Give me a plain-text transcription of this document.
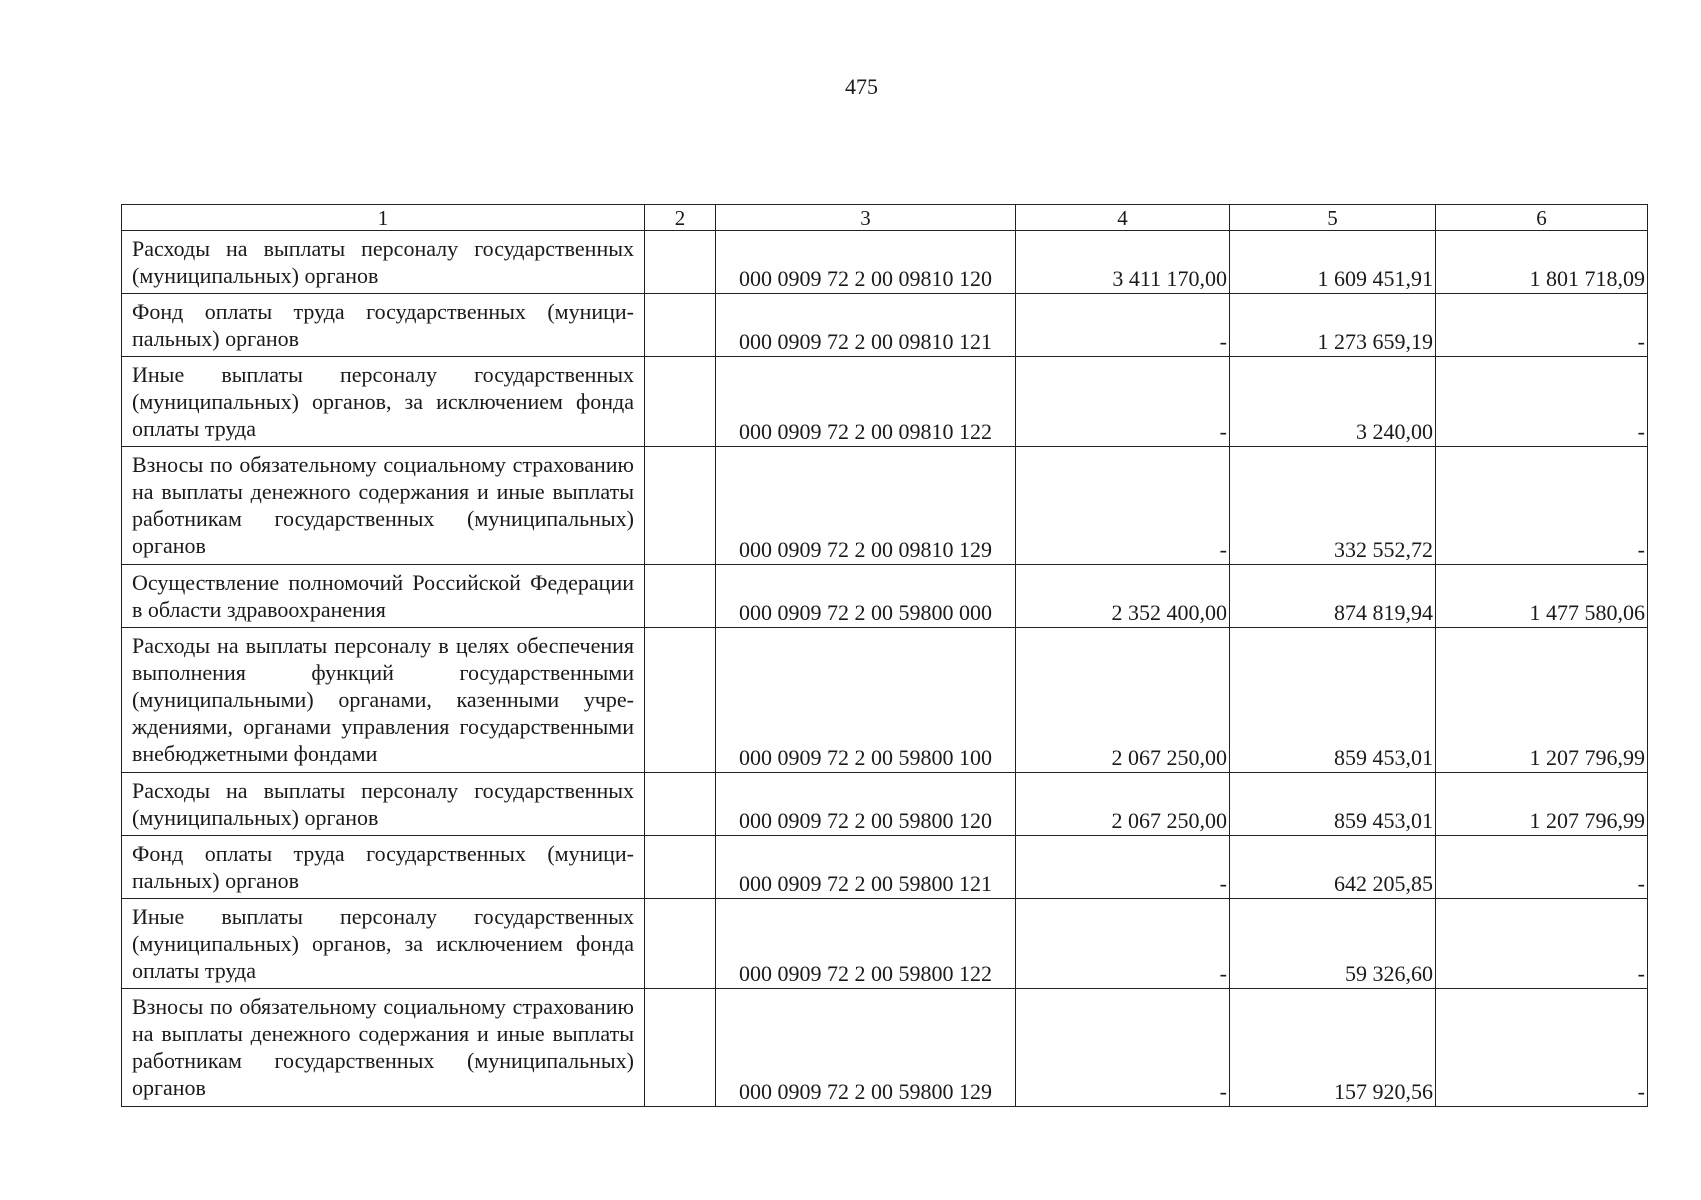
475
1	2	3	4	5	6
Расходы на выплаты персоналу государственных (муниципальных) органов		000 0909 72 2 00 09810 120	3 411 170,00	1 609 451,91	1 801 718,09
Фонд оплаты труда государственных (муниципальных) органов		000 0909 72 2 00 09810 121	-	1 273 659,19	-
Иные выплаты персоналу государственных (муниципальных) органов, за исключением фонда оплаты труда		000 0909 72 2 00 09810 122	-	3 240,00	-
Взносы по обязательному социальному страхованию на выплаты денежного содержания и иные выплаты работникам государственных (муниципальных) органов		000 0909 72 2 00 09810 129	-	332 552,72	-
Осуществление полномочий Российской Федерации в области здравоохранения		000 0909 72 2 00 59800 000	2 352 400,00	874 819,94	1 477 580,06
Расходы на выплаты персоналу в целях обеспечения выполнения функций государственными (муниципальными) органами, казенными учреждениями, органами управления государственными внебюджетными фондами		000 0909 72 2 00 59800 100	2 067 250,00	859 453,01	1 207 796,99
Расходы на выплаты персоналу государственных (муниципальных) органов		000 0909 72 2 00 59800 120	2 067 250,00	859 453,01	1 207 796,99
Фонд оплаты труда государственных (муниципальных) органов		000 0909 72 2 00 59800 121	-	642 205,85	-
Иные выплаты персоналу государственных (муниципальных) органов, за исключением фонда оплаты труда		000 0909 72 2 00 59800 122	-	59 326,60	-
Взносы по обязательному социальному страхованию на выплаты денежного содержания и иные выплаты работникам государственных (муниципальных) органов		000 0909 72 2 00 59800 129	-	157 920,56	-
